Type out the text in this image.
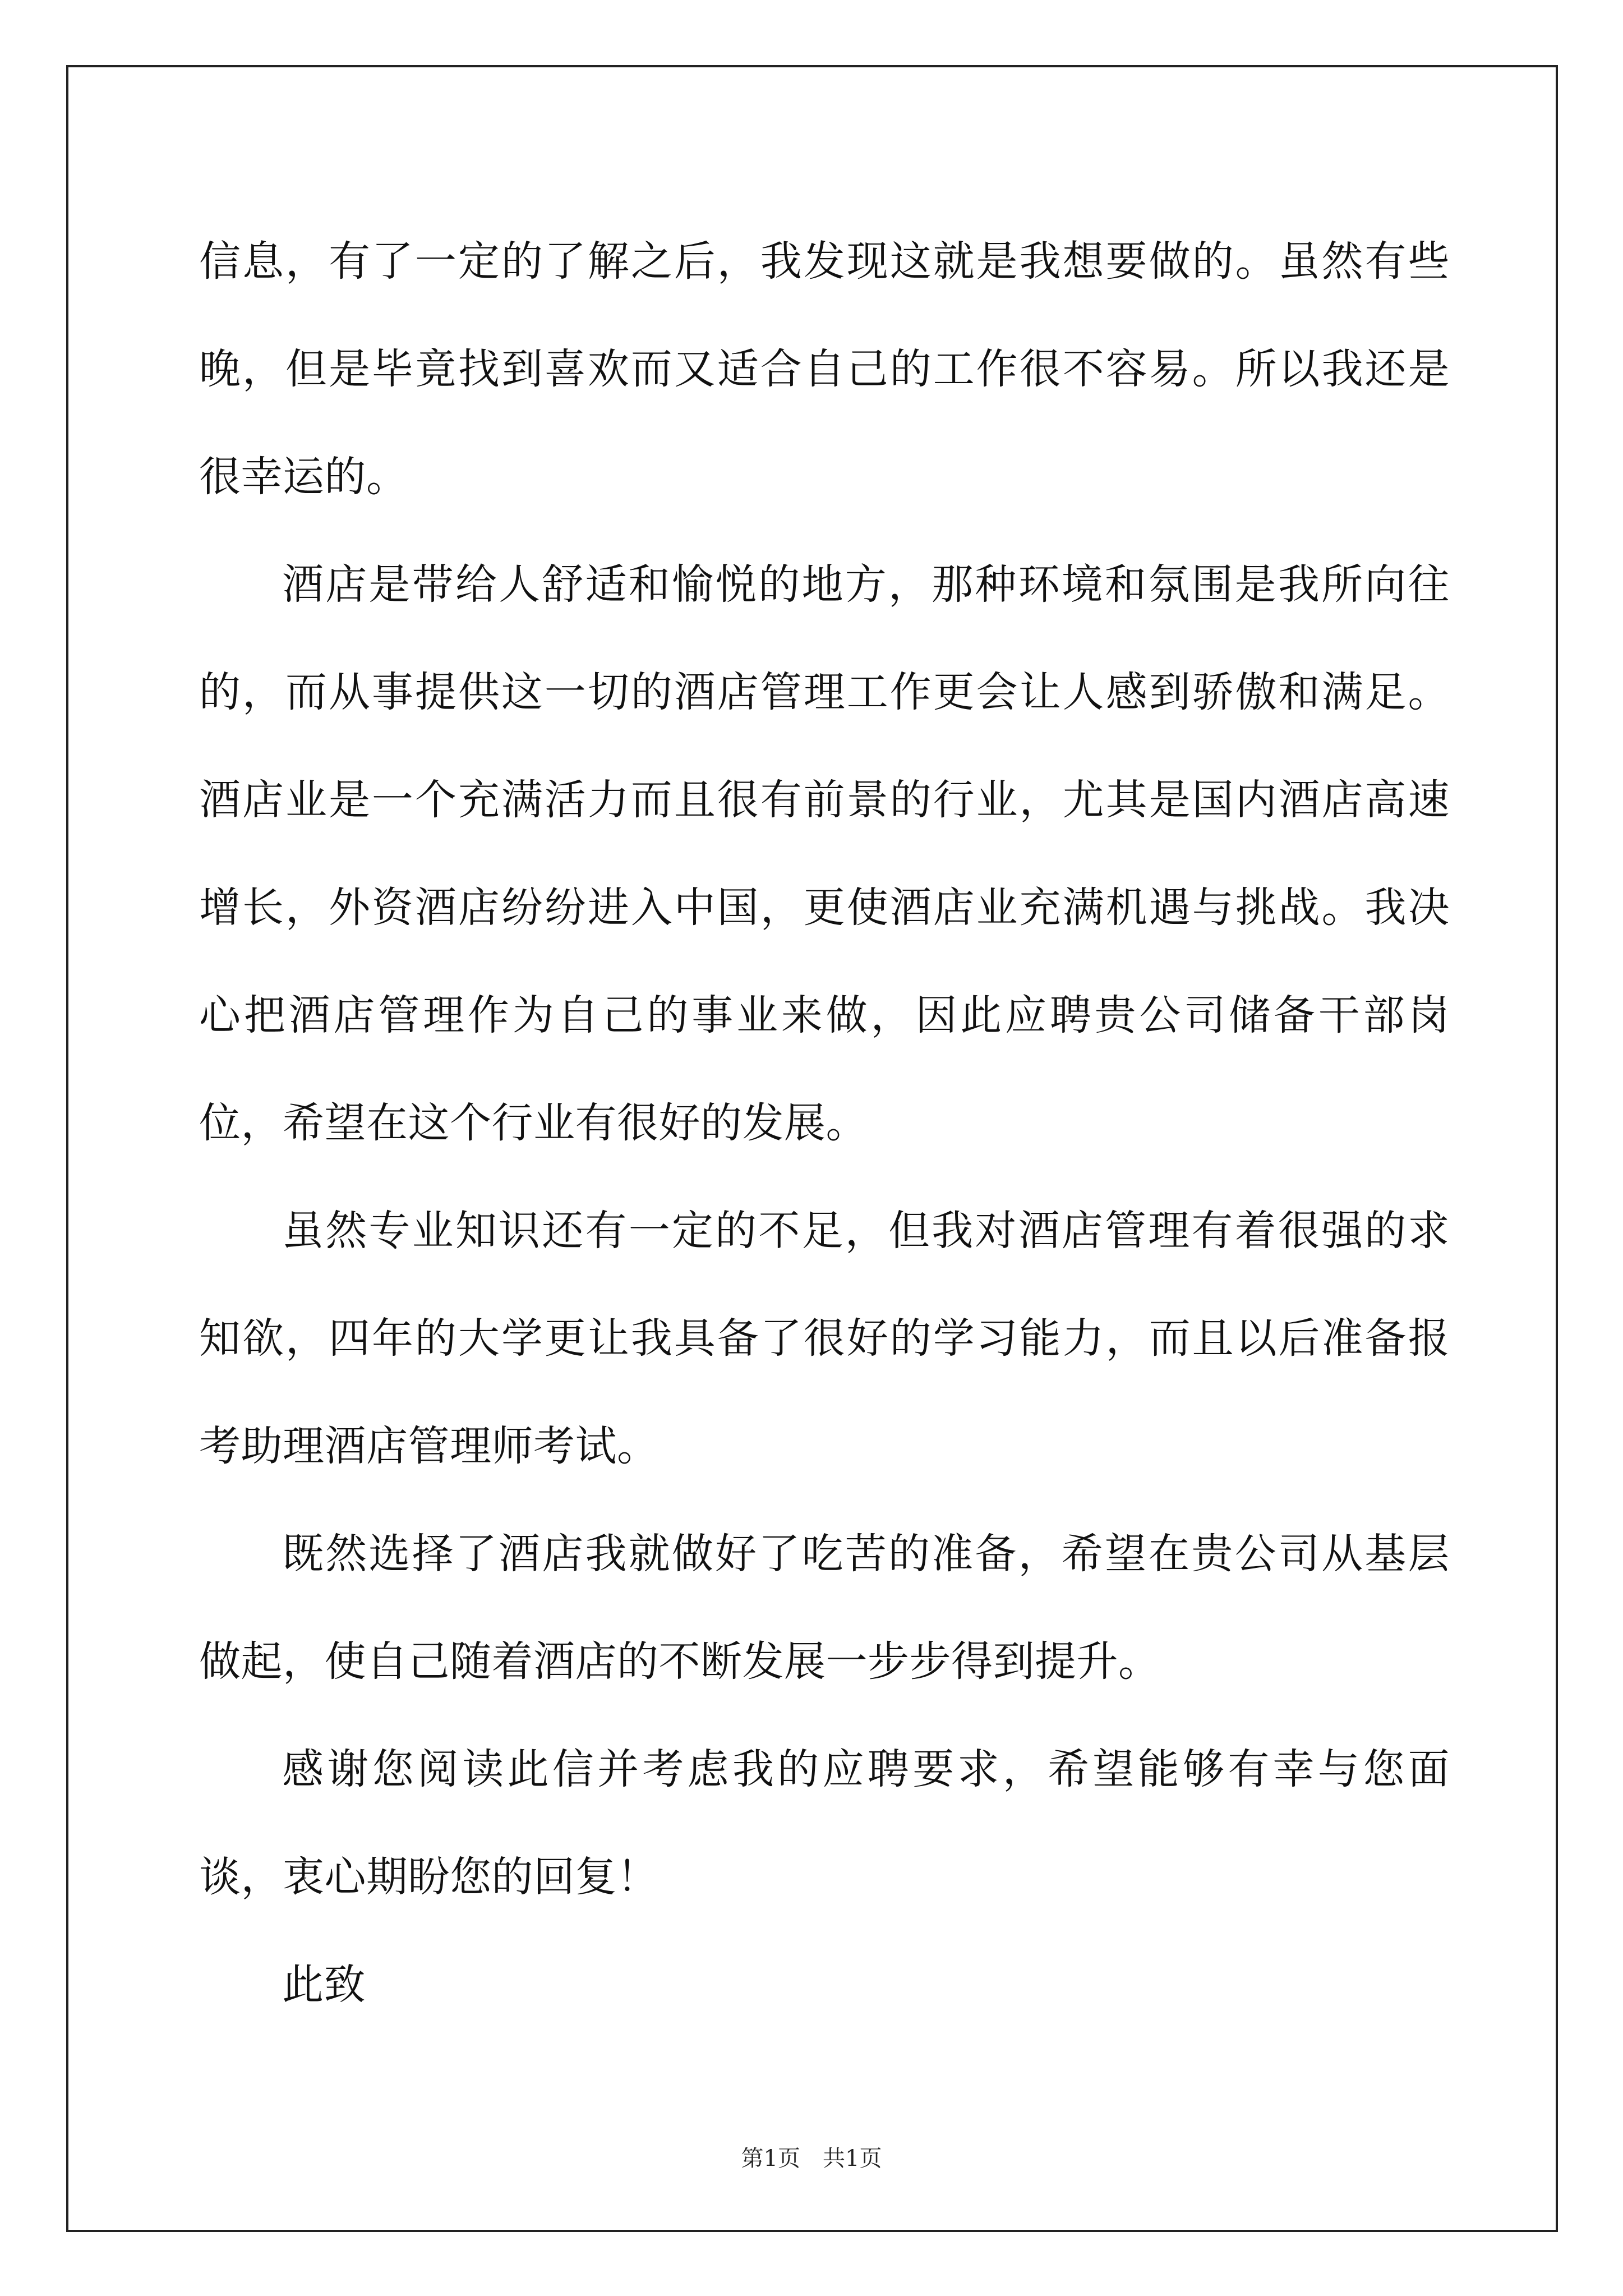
信息，有了一定的了解之后，我发现这就是我想要做的。虽然有些晚，但是毕竟找到喜欢而又适合自己的工作很不容易。所以我还是很幸运的。

酒店是带给人舒适和愉悦的地方，那种环境和氛围是我所向往的，而从事提供这一切的酒店管理工作更会让人感到骄傲和满足。酒店业是一个充满活力而且很有前景的行业，尤其是国内酒店高速增长，外资酒店纷纷进入中国，更使酒店业充满机遇与挑战。我决心把酒店管理作为自己的事业来做，因此应聘贵公司储备干部岗位，希望在这个行业有很好的发展。

虽然专业知识还有一定的不足，但我对酒店管理有着很强的求知欲，四年的大学更让我具备了很好的学习能力，而且以后准备报考助理酒店管理师考试。

既然选择了酒店我就做好了吃苦的准备，希望在贵公司从基层做起，使自己随着酒店的不断发展一步步得到提升。

感谢您阅读此信并考虑我的应聘要求，希望能够有幸与您面谈，衷心期盼您的回复！

此致

第1页　共1页
